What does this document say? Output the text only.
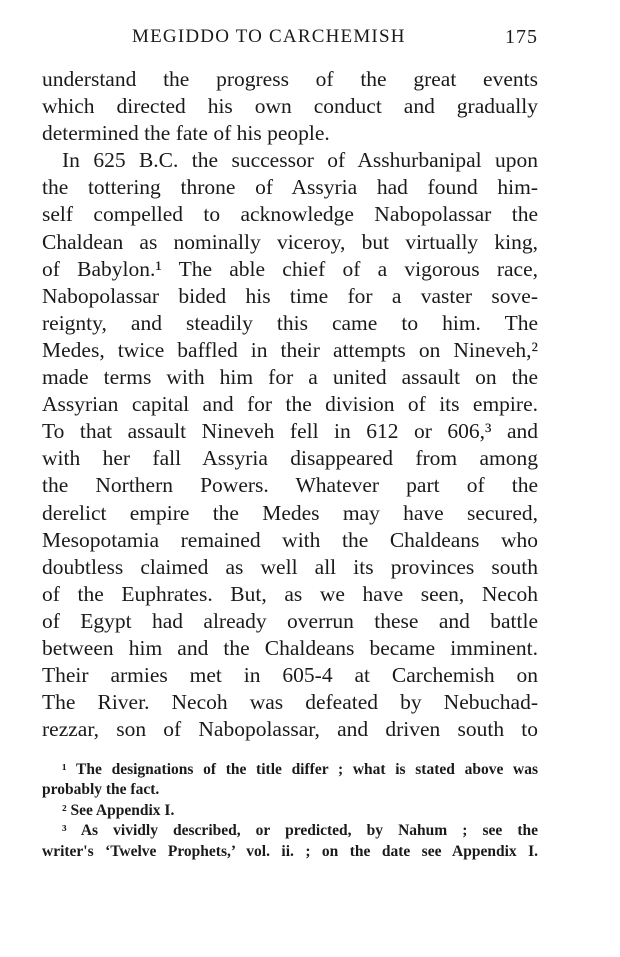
MEGIDDO TO CARCHEMISH	175
understand the progress of the great events
which directed his own conduct and gradually
determined the fate of his people.
In 625 B.C. the successor of Asshurbanipal upon
the tottering throne of Assyria had found him-
self compelled to acknowledge Nabopolassar the
Chaldean as nominally viceroy, but virtually king,
of Babylon.¹ The able chief of a vigorous race,
Nabopolassar bided his time for a vaster sove-
reignty, and steadily this came to him. The
Medes, twice baffled in their attempts on Nineveh,²
made terms with him for a united assault on the
Assyrian capital and for the division of its empire.
To that assault Nineveh fell in 612 or 606,³ and
with her fall Assyria disappeared from among
the Northern Powers. Whatever part of the
derelict empire the Medes may have secured,
Mesopotamia remained with the Chaldeans who
doubtless claimed as well all its provinces south
of the Euphrates. But, as we have seen, Necoh
of Egypt had already overrun these and battle
between him and the Chaldeans became imminent.
Their armies met in 605-4 at Carchemish on
The River. Necoh was defeated by Nebuchad-
rezzar, son of Nabopolassar, and driven south to
¹ The designations of the title differ ; what is stated above was
probably the fact.
² See Appendix I.
³ As vividly described, or predicted, by Nahum ; see the
writer's ‘Twelve Prophets,’ vol. ii. ; on the date see Appendix I.
